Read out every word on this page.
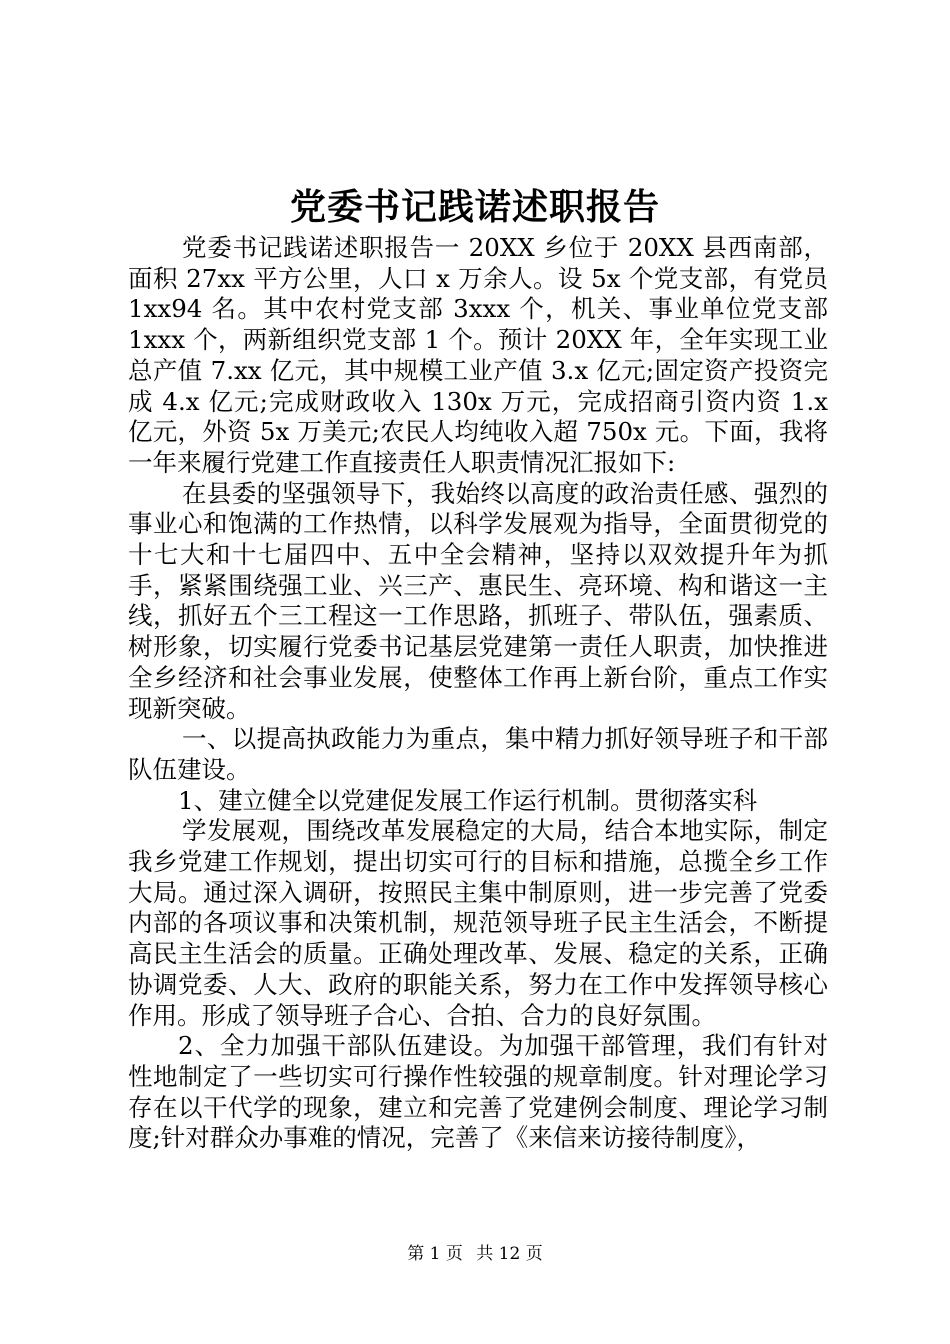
党委书记践诺述职报告

党委书记践诺述职报告一 20XX 乡位于 20XX 县西南部，面积 27xx 平方公里，人口 x 万余人。设 5x 个党支部，有党员 1xx94 名。其中农村党支部 3xxx 个，机关、事业单位党支部 1xxx 个，两新组织党支部 1 个。预计 20XX 年，全年实现工业总产值 7.xx 亿元，其中规模工业产值 3.x 亿元;固定资产投资完成 4.x 亿元;完成财政收入 130x 万元，完成招商引资内资 1.x 亿元，外资 5x 万美元;农民人均纯收入超 750x 元。下面，我将一年来履行党建工作直接责任人职责情况汇报如下:

在县委的坚强领导下，我始终以高度的政治责任感、强烈的事业心和饱满的工作热情，以科学发展观为指导，全面贯彻党的十七大和十七届四中、五中全会精神，坚持以双效提升年为抓手，紧紧围绕强工业、兴三产、惠民生、亮环境、构和谐这一主线，抓好五个三工程这一工作思路，抓班子、带队伍，强素质、树形象，切实履行党委书记基层党建第一责任人职责，加快推进全乡经济和社会事业发展，使整体工作再上新台阶，重点工作实现新突破。

一、以提高执政能力为重点，集中精力抓好领导班子和干部队伍建设。

1、建立健全以党建促发展工作运行机制。贯彻落实科

学发展观，围绕改革发展稳定的大局，结合本地实际，制定我乡党建工作规划，提出切实可行的目标和措施，总揽全乡工作大局。通过深入调研，按照民主集中制原则，进一步完善了党委内部的各项议事和决策机制，规范领导班子民主生活会，不断提高民主生活会的质量。正确处理改革、发展、稳定的关系，正确协调党委、人大、政府的职能关系，努力在工作中发挥领导核心作用。形成了领导班子合心、合拍、合力的良好氛围。

2、全力加强干部队伍建设。为加强干部管理，我们有针对性地制定了一些切实可行操作性较强的规章制度。针对理论学习存在以干代学的现象，建立和完善了党建例会制度、理论学习制度;针对群众办事难的情况，完善了《来信来访接待制度》，

第 1 页 共 12 页
